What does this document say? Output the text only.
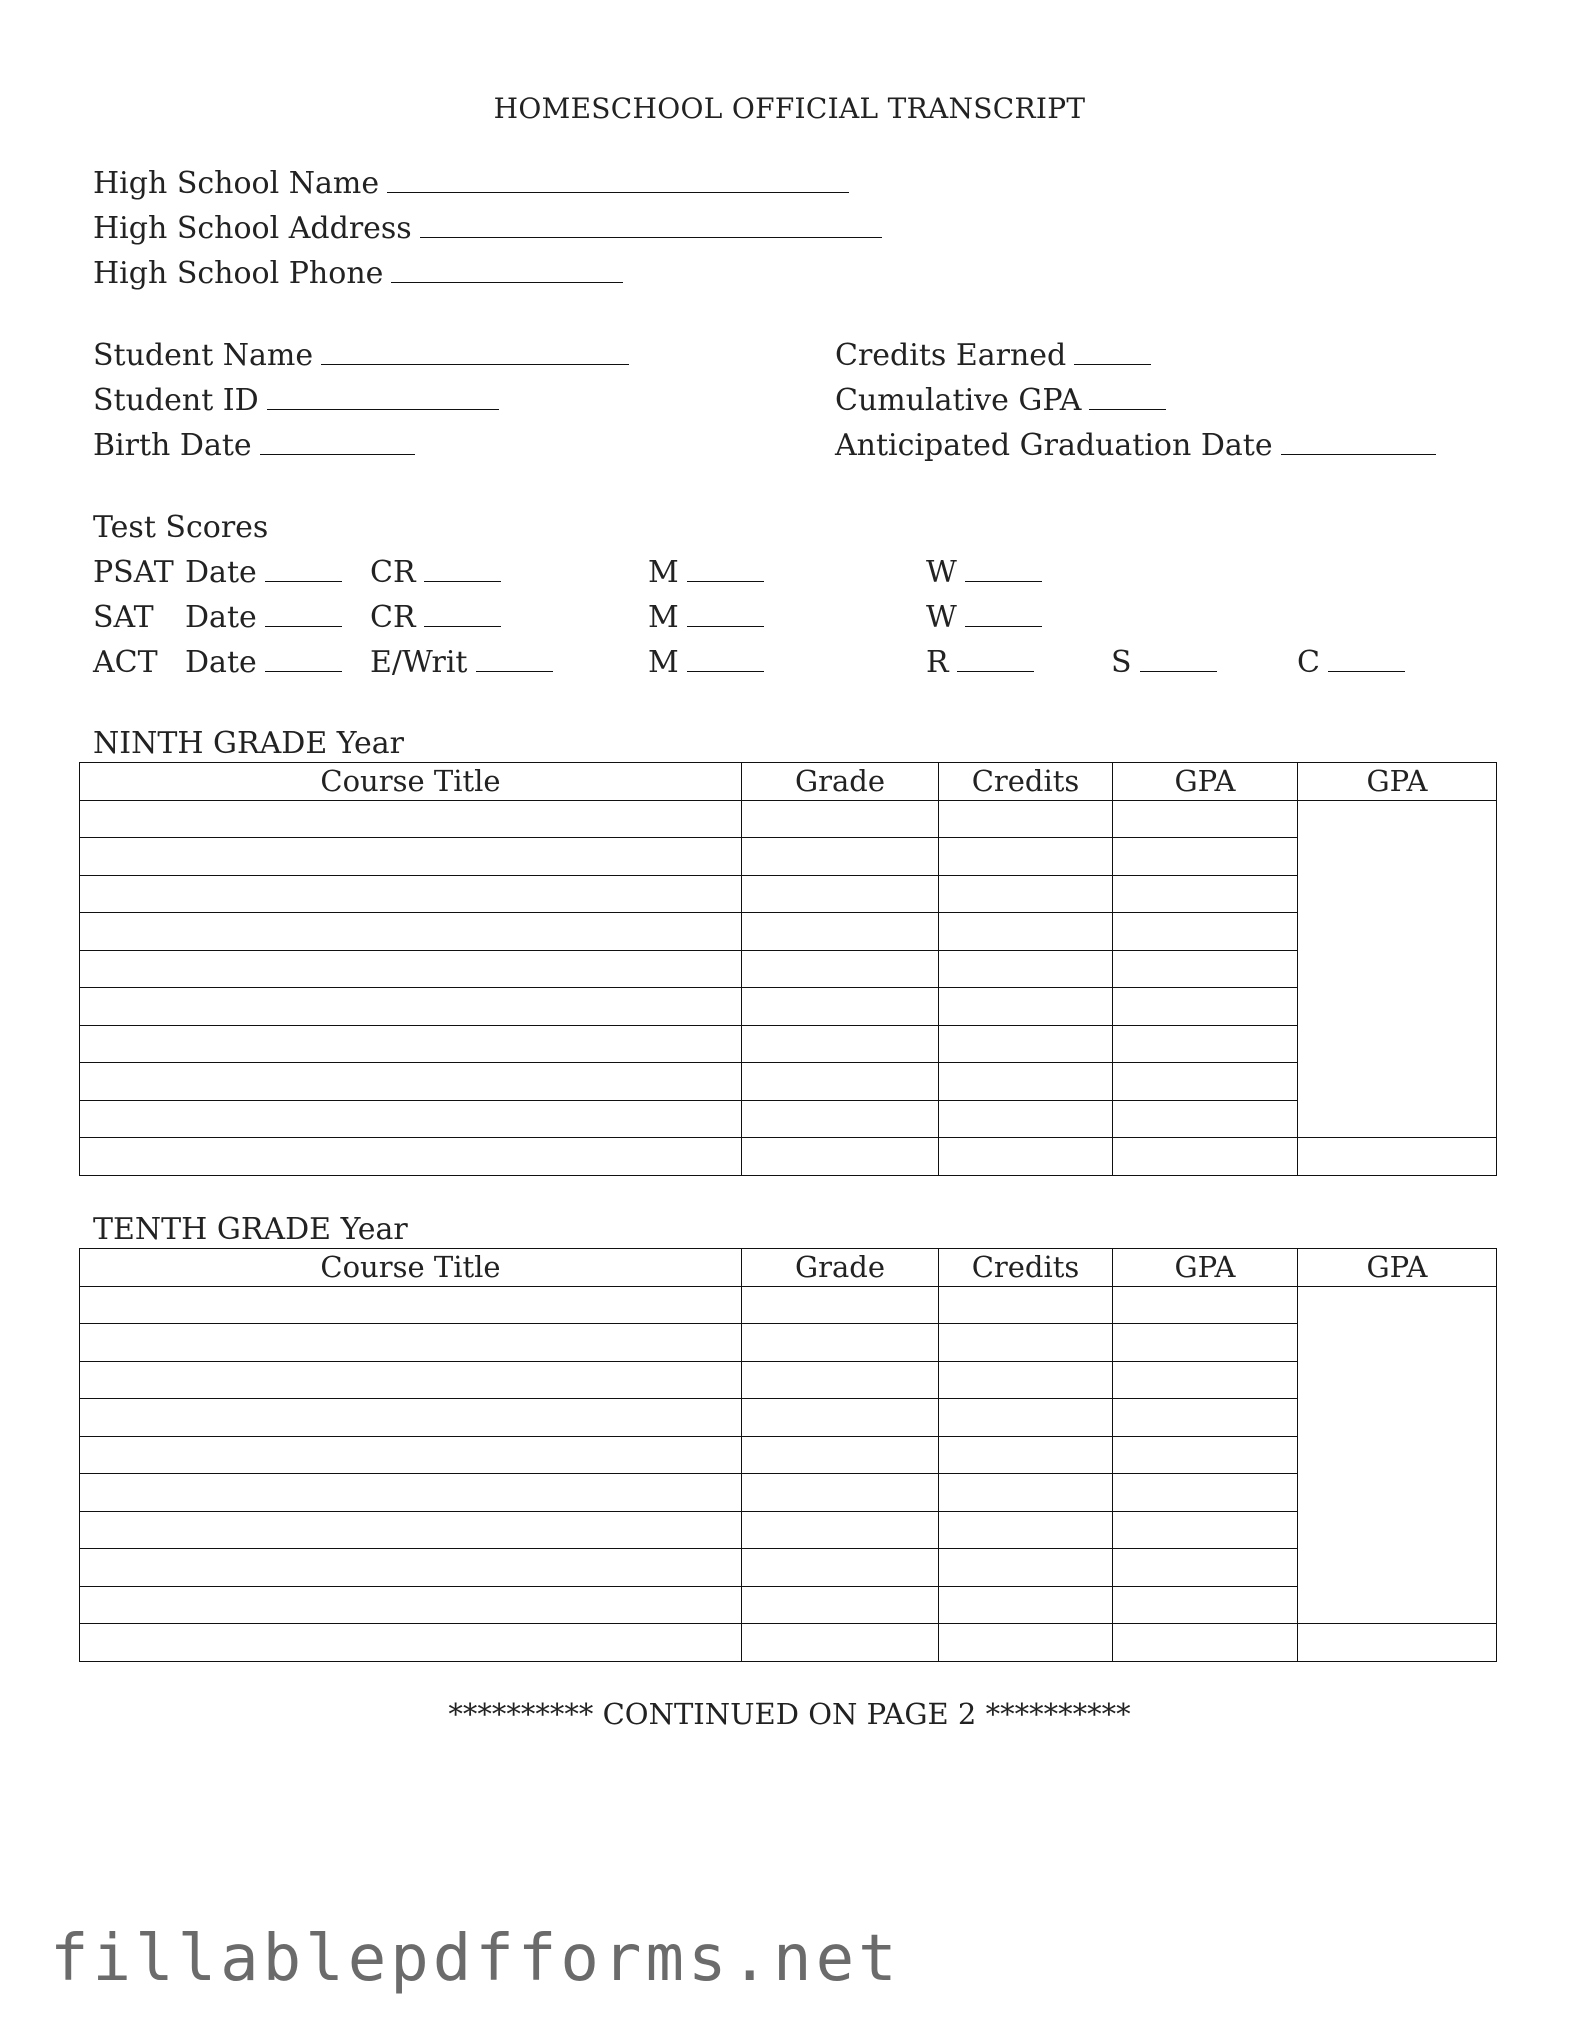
HOMESCHOOL OFFICIAL TRANSCRIPT
High School Name
High School Address
High School Phone
Student Name
Student ID
Birth Date
Credits Earned
Cumulative GPA
Anticipated Graduation Date
Test Scores
PSAT Date	CR	M	W
SAT Date	CR	M	W
ACT Date	E/Writ	M	R	S	C
NINTH GRADE Year
Course Title	Grade	Credits	GPA	GPA

TENTH GRADE Year
Course Title	Grade	Credits	GPA	GPA

********** CONTINUED ON PAGE 2 **********
fillablepdfforms.net
